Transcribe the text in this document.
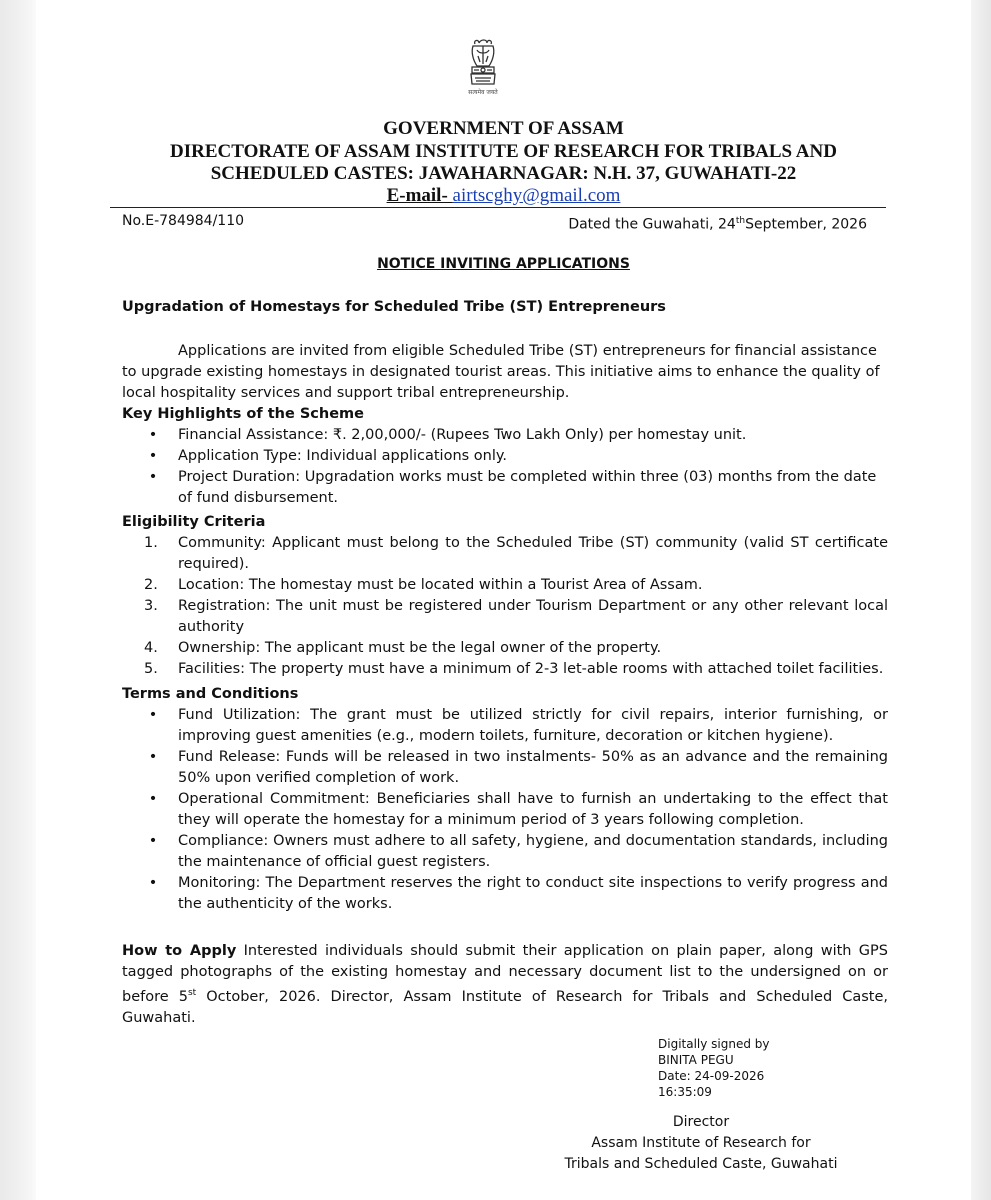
सत्यमेव जयते
GOVERNMENT OF ASSAM
DIRECTORATE OF ASSAM INSTITUTE OF RESEARCH FOR TRIBALS AND
SCHEDULED CASTES: JAWAHARNAGAR: N.H. 37, GUWAHATI-22
E-mail- airtscghy@gmail.com
No.E-784984/110	Dated the Guwahati, 24thSeptember, 2026
NOTICE INVITING APPLICATIONS
Upgradation of Homestays for Scheduled Tribe (ST) Entrepreneurs
Applications are invited from eligible Scheduled Tribe (ST) entrepreneurs for financial assistance to upgrade existing homestays in designated tourist areas. This initiative aims to enhance the quality of local hospitality services and support tribal entrepreneurship.
Key Highlights of the Scheme
• Financial Assistance: ₹. 2,00,000/- (Rupees Two Lakh Only) per homestay unit.
• Application Type: Individual applications only.
• Project Duration: Upgradation works must be completed within three (03) months from the date of fund disbursement.
Eligibility Criteria
1.	Community: Applicant must belong to the Scheduled Tribe (ST) community (valid ST certificate required).
2.	Location: The homestay must be located within a Tourist Area of Assam.
3.	Registration: The unit must be registered under Tourism Department or any other relevant local authority
4.	Ownership: The applicant must be the legal owner of the property.
5.	Facilities: The property must have a minimum of 2-3 let-able rooms with attached toilet facilities.
Terms and Conditions
• Fund Utilization: The grant must be utilized strictly for civil repairs, interior furnishing, or improving guest amenities (e.g., modern toilets, furniture, decoration or kitchen hygiene).
• Fund Release: Funds will be released in two instalments- 50% as an advance and the remaining 50% upon verified completion of work.
• Operational Commitment: Beneficiaries shall have to furnish an undertaking to the effect that they will operate the homestay for a minimum period of 3 years following completion.
• Compliance: Owners must adhere to all safety, hygiene, and documentation standards, including the maintenance of official guest registers.
• Monitoring: The Department reserves the right to conduct site inspections to verify progress and the authenticity of the works.
How to Apply Interested individuals should submit their application on plain paper, along with GPS tagged photographs of the existing homestay and necessary document list to the undersigned on or before 5st October, 2026. Director, Assam Institute of Research for Tribals and Scheduled Caste, Guwahati.
Digitally signed by
BINITA PEGU
Date: 24-09-2026
16:35:09
Director
Assam Institute of Research for
Tribals and Scheduled Caste, Guwahati
